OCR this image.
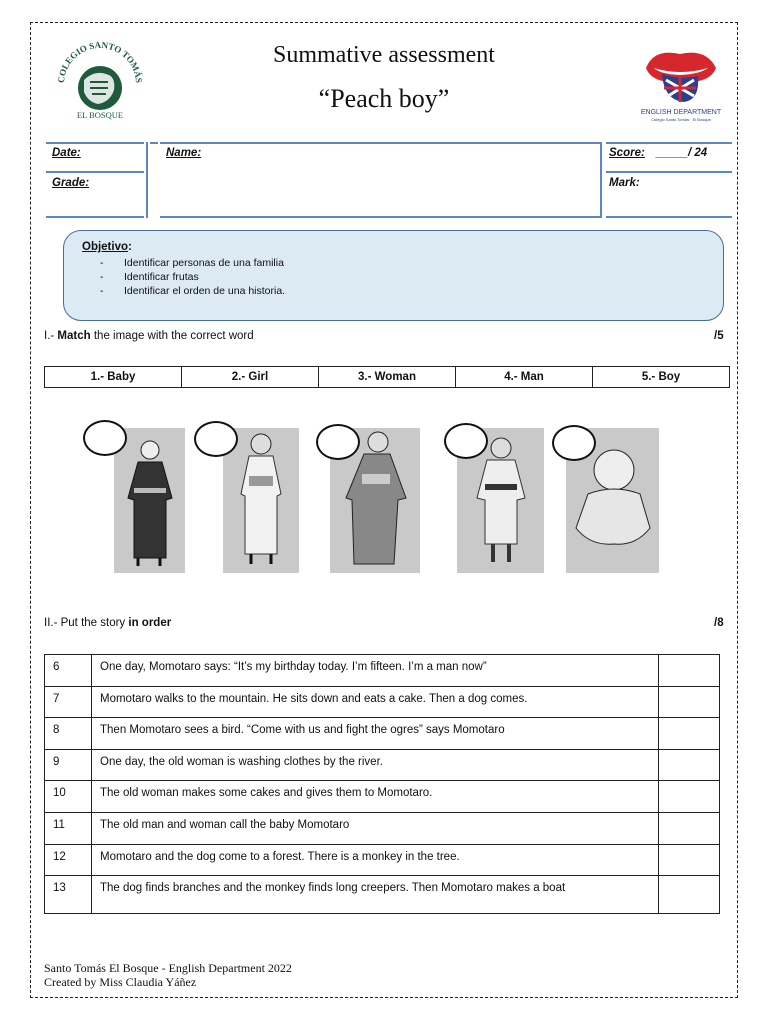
COLEGIO SANTO TOMÁS
EL BOSQUE
Summative assessment
“Peach boy”	ENGLISH DEPARTMENT
Colegio Santo Tomás · El Bosque
Date:	Name:	Score: _____/ 24
Grade:	Mark:
Objetivo:
- Identificar personas de una familia
- Identificar frutas
- Identificar el orden de una historia.
I.- Match the image with the correct word	/5
1.- Baby	2.- Girl	3.- Woman	4.- Man	5.- Boy
II.- Put the story in order	/8
6	One day, Momotaro says: “It’s my birthday today. I’m fifteen. I’m a man now”	
7	Momotaro walks to the mountain. He sits down and eats a cake. Then a dog comes.	
8	Then Momotaro sees a bird. “Come with us and fight the ogres” says Momotaro	
9	One day, the old woman is washing clothes by the river.	
10	The old woman makes some cakes and gives them to Momotaro.	
11	The old man and woman call the baby Momotaro	
12	Momotaro and the dog come to a forest. There is a monkey in the tree.	
13	The dog finds branches and the monkey finds long creepers. Then Momotaro makes a boat	
Santo Tomás El Bosque - English Department 2022
Created by Miss Claudia Yáñez
